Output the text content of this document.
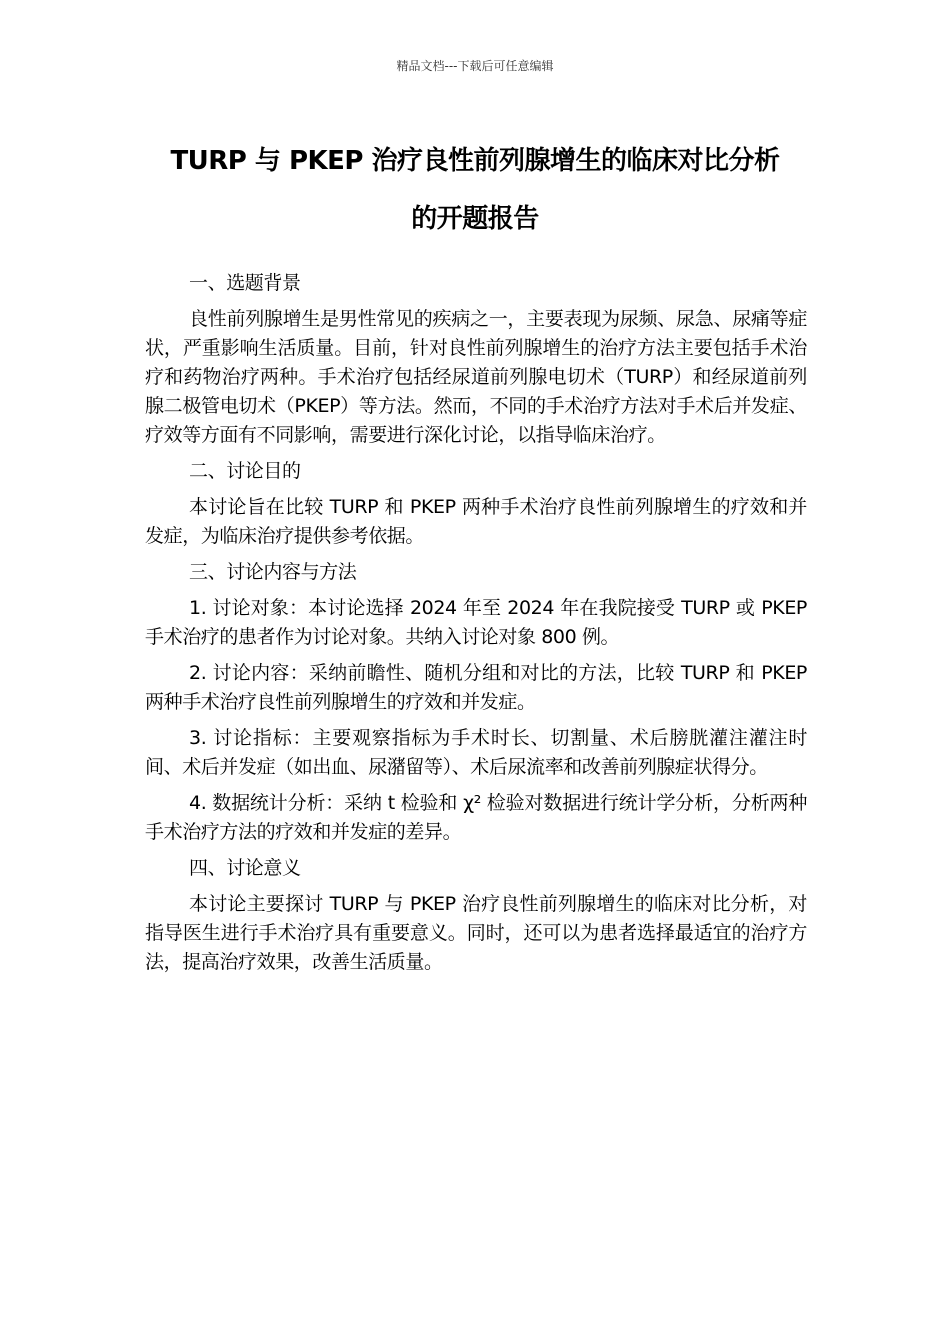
精品文档---下载后可任意编辑
TURP 与 PKEP 治疗良性前列腺增生的临床对比分析
的开题报告

一、选题背景

良性前列腺增生是男性常见的疾病之一，主要表现为尿频、尿急、尿痛等症状，严重影响生活质量。目前，针对良性前列腺增生的治疗方法主要包括手术治疗和药物治疗两种。手术治疗包括经尿道前列腺电切术（TURP）和经尿道前列腺二极管电切术（PKEP）等方法。然而，不同的手术治疗方法对手术后并发症、疗效等方面有不同影响，需要进行深化讨论，以指导临床治疗。

二、讨论目的

本讨论旨在比较 TURP 和 PKEP 两种手术治疗良性前列腺增生的疗效和并发症，为临床治疗提供参考依据。

三、讨论内容与方法

1. 讨论对象：本讨论选择 2024 年至 2024 年在我院接受 TURP 或 PKEP 手术治疗的患者作为讨论对象。共纳入讨论对象 800 例。

2. 讨论内容：采纳前瞻性、随机分组和对比的方法，比较 TURP 和 PKEP 两种手术治疗良性前列腺增生的疗效和并发症。

3. 讨论指标：主要观察指标为手术时长、切割量、术后膀胱灌注灌注时间、术后并发症（如出血、尿潴留等）、术后尿流率和改善前列腺症状得分。

4. 数据统计分析：采纳 t 检验和 χ² 检验对数据进行统计学分析，分析两种手术治疗方法的疗效和并发症的差异。

四、讨论意义

本讨论主要探讨 TURP 与 PKEP 治疗良性前列腺增生的临床对比分析，对指导医生进行手术治疗具有重要意义。同时，还可以为患者选择最适宜的治疗方法，提高治疗效果，改善生活质量。
